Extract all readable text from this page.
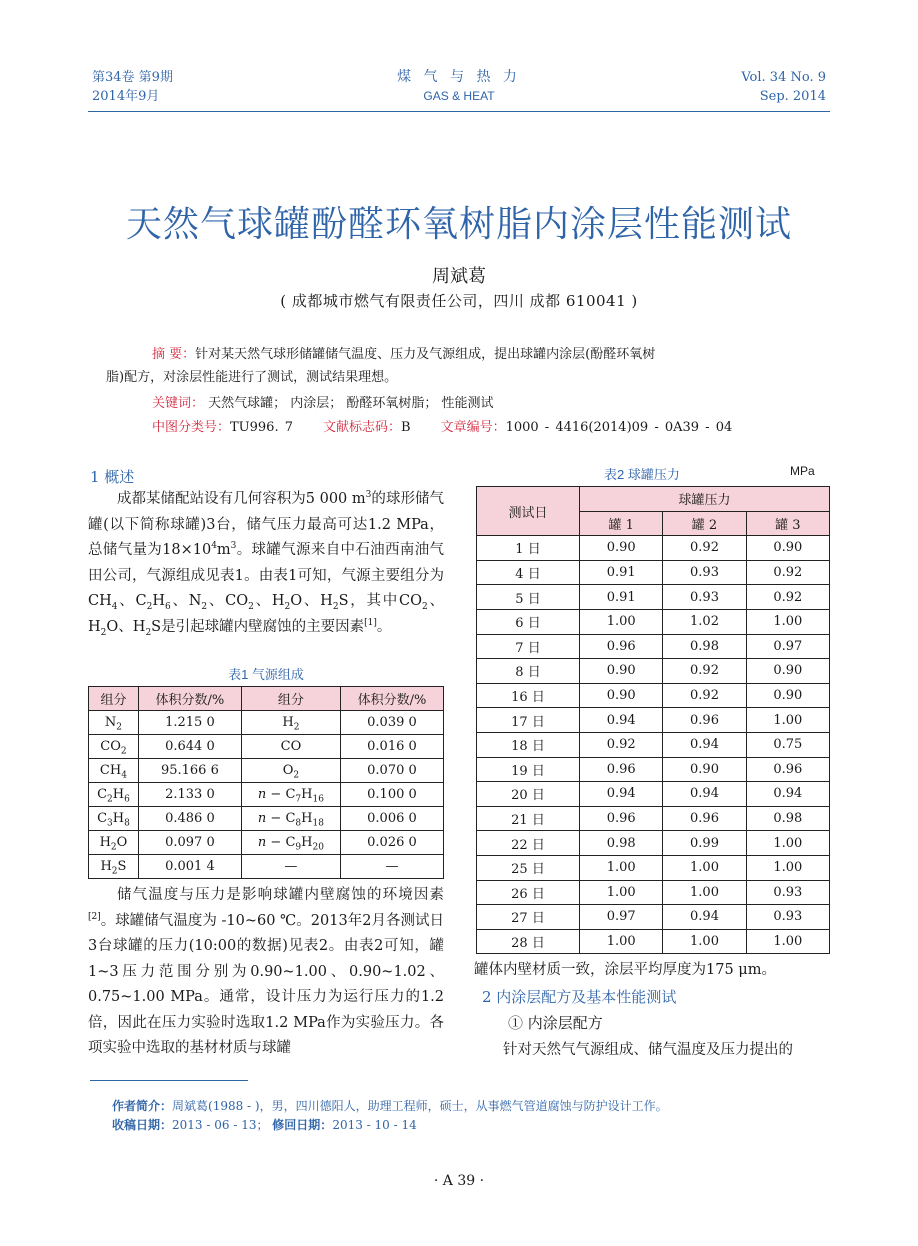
第34卷 第9期
2014年9月
煤 气 与 热 力
GAS & HEAT
Vol. 34 No. 9
Sep. 2014
天然气球罐酚醛环氧树脂内涂层性能测试
周斌葛
( 成都城市燃气有限责任公司，四川 成都 610041 )
摘 要：针对某天然气球形储罐储气温度、压力及气源组成，提出球罐内涂层(酚醛环氧树
脂)配方，对涂层性能进行了测试，测试结果理想。
关键词： 天然气球罐； 内涂层； 酚醛环氧树脂； 性能测试
中图分类号：TU996. 7 文献标志码：B 文章编号：1000 - 4416(2014)09 - 0A39 - 04
1 概述
成都某储配站设有几何容积为5 000 $m^3$的球形储气罐(以下简称球罐)3台，储气压力最高可达1.2 MPa，总储气量为$18\times 10^4m^3$。球罐气源来自中石油西南油气田公司，气源组成见表1。由表1可知，气源主要组分为$CH_4$、$C_2H_6$、$N_2$、$CO_2$、$H_2O$、$H_2S$，其中$CO_2$、$H_2O$、$H_2S$是引起球罐内壁腐蚀的主要因素[1]。
表1 气源组成
组分	体积分数/%	组分	体积分数/%
$N_2$	1.215 0	$H_2$	0.039 0
$CO_2$	0.644 0	CO	0.016 0
$CH_4$	95.166 6	$O_2$	0.070 0
$C_2H_6$	2.133 0	$n - C_7H_{16}$	0.100 0
$C_3H_8$	0.486 0	$n - C_8H_{18}$	0.006 0
$H_2O$	0.097 0	$n - C_9H_{20}$	0.026 0
$H_2S$	0.001 4	—	—
储气温度与压力是影响球罐内壁腐蚀的环境因素[2]。球罐储气温度为 -10~60 ℃。2013年2月各测试日3台球罐的压力(10:00的数据)见表2。由表2可知，罐1~3压力范围分别为0.90~1.00、0.90~1.02、0.75~1.00 MPa。通常，设计压力为运行压力的1.2倍，因此在压力实验时选取1.2 MPa作为实验压力。各项实验中选取的基材材质与球罐
表2 球罐压力	MPa
测试日	球罐压力		
	罐 1	罐 2	罐 3
1 日	0.90	0.92	0.90
4 日	0.91	0.93	0.92
5 日	0.91	0.93	0.92
6 日	1.00	1.02	1.00
7 日	0.96	0.98	0.97
8 日	0.90	0.92	0.90
16 日	0.90	0.92	0.90
17 日	0.94	0.96	1.00
18 日	0.92	0.94	0.75
19 日	0.96	0.90	0.96
20 日	0.94	0.94	0.94
21 日	0.96	0.96	0.98
22 日	0.98	0.99	1.00
25 日	1.00	1.00	1.00
26 日	1.00	1.00	0.93
27 日	0.97	0.94	0.93
28 日	1.00	1.00	1.00
罐体内壁材质一致，涂层平均厚度为175 μm。
2 内涂层配方及基本性能测试
① 内涂层配方
针对天然气气源组成、储气温度及压力提出的
作者简介：周斌葛(1988 - )，男，四川德阳人，助理工程师，硕士，从事燃气管道腐蚀与防护设计工作。
收稿日期：2013 - 06 - 13； 修回日期：2013 - 10 - 14
· A 39 ·
